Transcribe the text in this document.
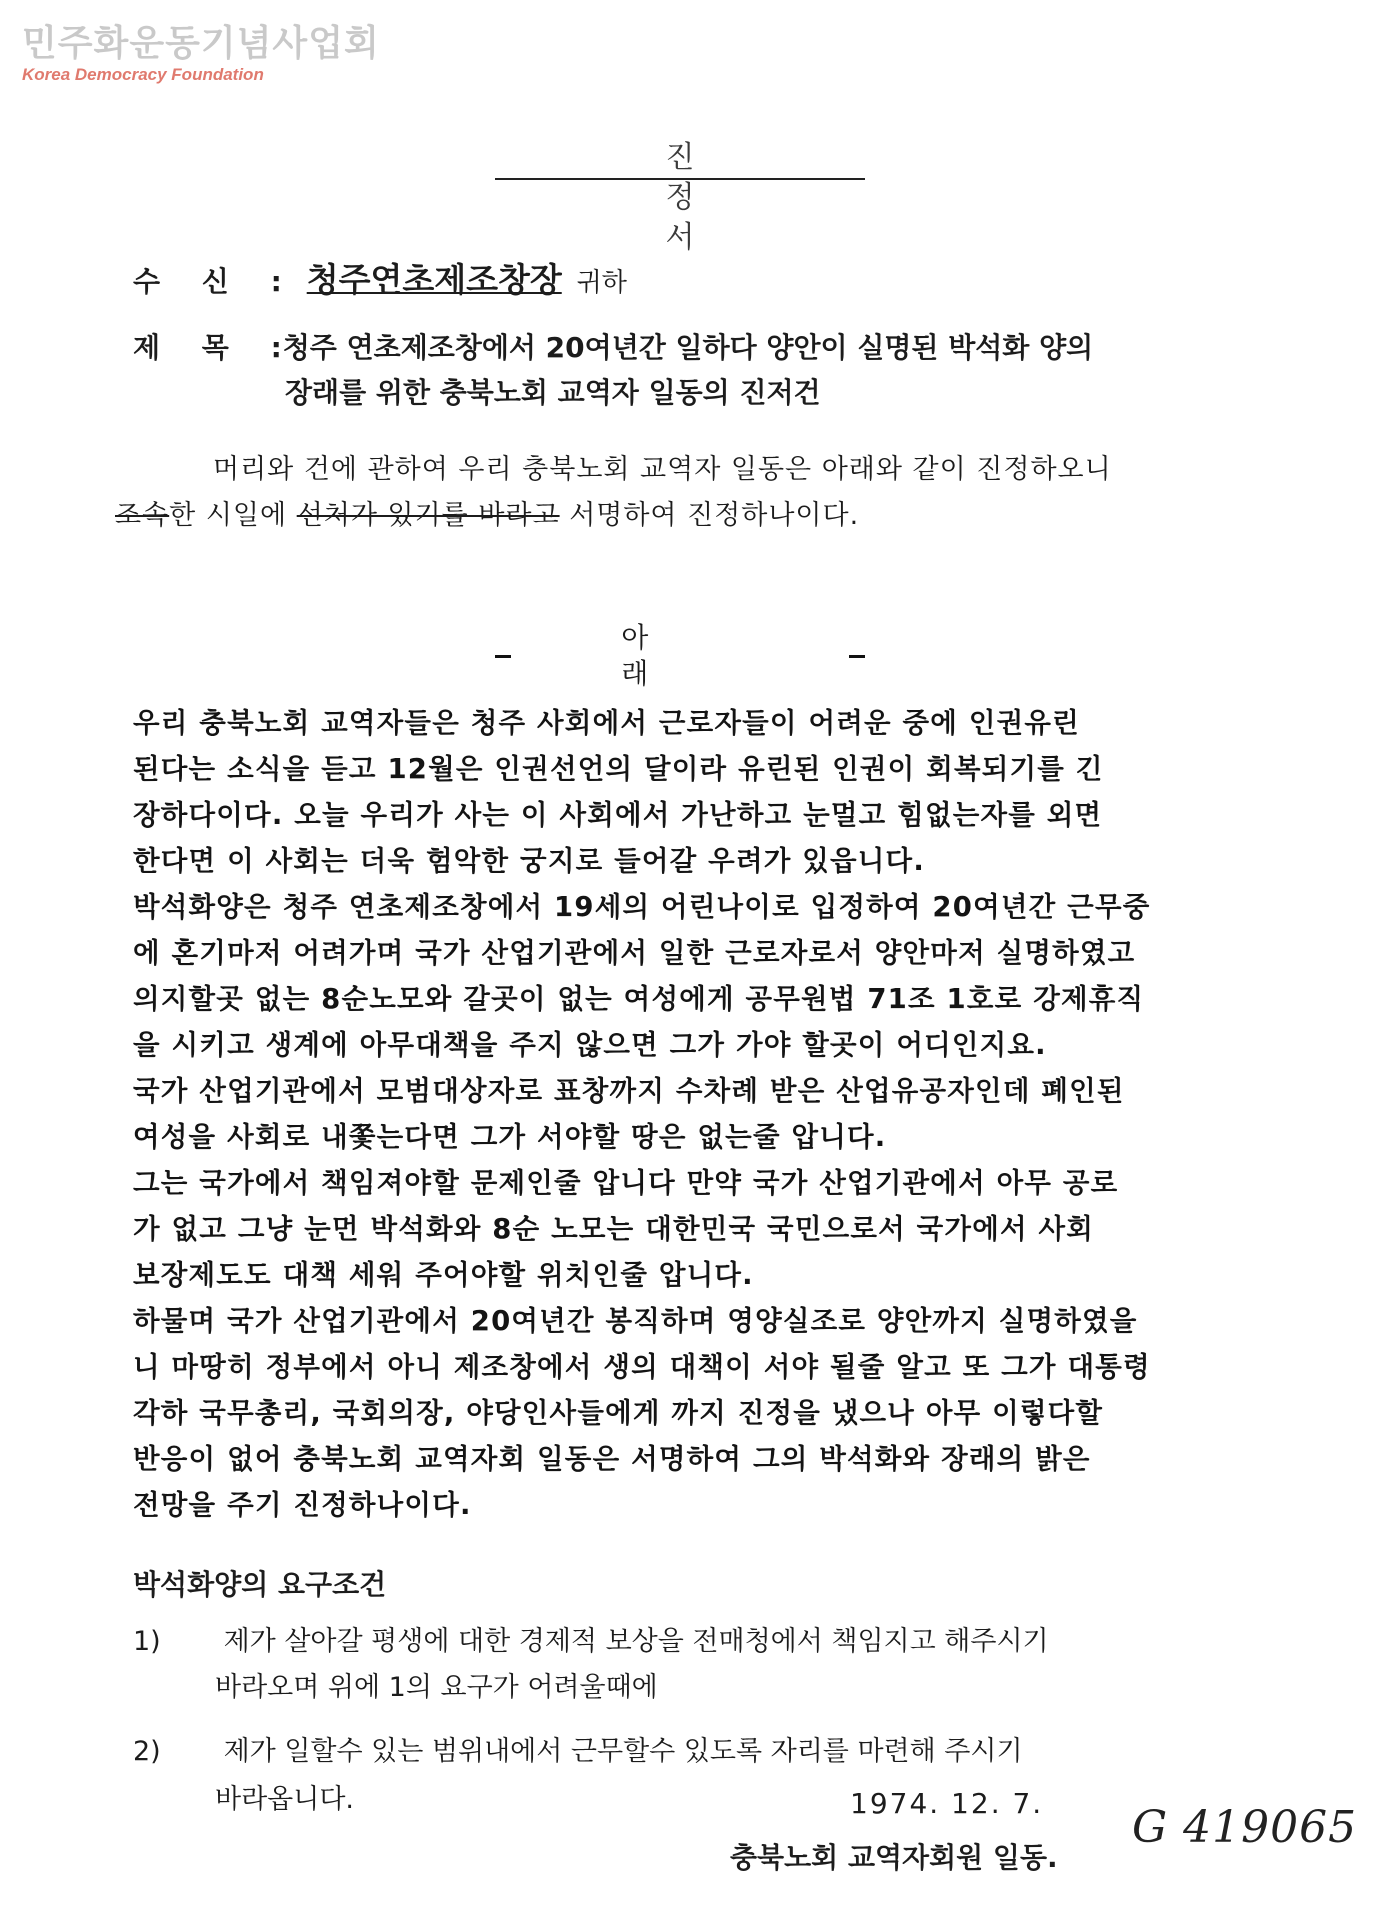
민주화운동기념사업회
Korea Democracy Foundation
진 정 서
수 신 : 청주연초제조창장 귀하
제 목 : 청주 연초제조창에서 20여년간 일하다 양안이 실명된 박석화 양의
장래를 위한 충북노회 교역자 일동의 진저건
머리와 건에 관하여 우리 충북노회 교역자 일동은 아래와 같이 진정하오니
조속한 시일에 선처가 있기를 바라고 서명하여 진정하나이다.
아 래
우리 충북노회 교역자들은 청주 사회에서 근로자들이 어려운 중에 인권유린
된다는 소식을 듣고 12월은 인권선언의 달이라 유린된 인권이 회복되기를 긴
장하다이다. 오늘 우리가 사는 이 사회에서 가난하고 눈멀고 힘없는자를 외면
한다면 이 사회는 더욱 험악한 궁지로 들어갈 우려가 있읍니다.
박석화양은 청주 연초제조창에서 19세의 어린나이로 입정하여 20여년간 근무중
에 혼기마저 어려가며 국가 산업기관에서 일한 근로자로서 양안마저 실명하였고
의지할곳 없는 8순노모와 갈곳이 없는 여성에게 공무원법 71조 1호로 강제휴직
을 시키고 생계에 아무대책을 주지 않으면 그가 가야 할곳이 어디인지요.
국가 산업기관에서 모범대상자로 표창까지 수차례 받은 산업유공자인데 폐인된
여성을 사회로 내쫓는다면 그가 서야할 땅은 없는줄 압니다.
그는 국가에서 책임져야할 문제인줄 압니다 만약 국가 산업기관에서 아무 공로
가 없고 그냥 눈먼 박석화와 8순 노모는 대한민국 국민으로서 국가에서 사회
보장제도도 대책 세워 주어야할 위치인줄 압니다.
하물며 국가 산업기관에서 20여년간 봉직하며 영양실조로 양안까지 실명하였을
니 마땅히 정부에서 아니 제조창에서 생의 대책이 서야 될줄 알고 또 그가 대통령
각하 국무총리, 국회의장, 야당인사들에게 까지 진정을 냈으나 아무 이렇다할
반응이 없어 충북노회 교역자회 일동은 서명하여 그의 박석화와 장래의 밝은
전망을 주기 진정하나이다.
박석화양의 요구조건
1) 제가 살아갈 평생에 대한 경제적 보상을 전매청에서 책임지고 해주시기
바라오며 위에 1의 요구가 어려울때에
2) 제가 일할수 있는 범위내에서 근무할수 있도록 자리를 마련해 주시기
바라옵니다.	1974. 12. 7.
충북노회 교역자회원 일동.
G 419065
